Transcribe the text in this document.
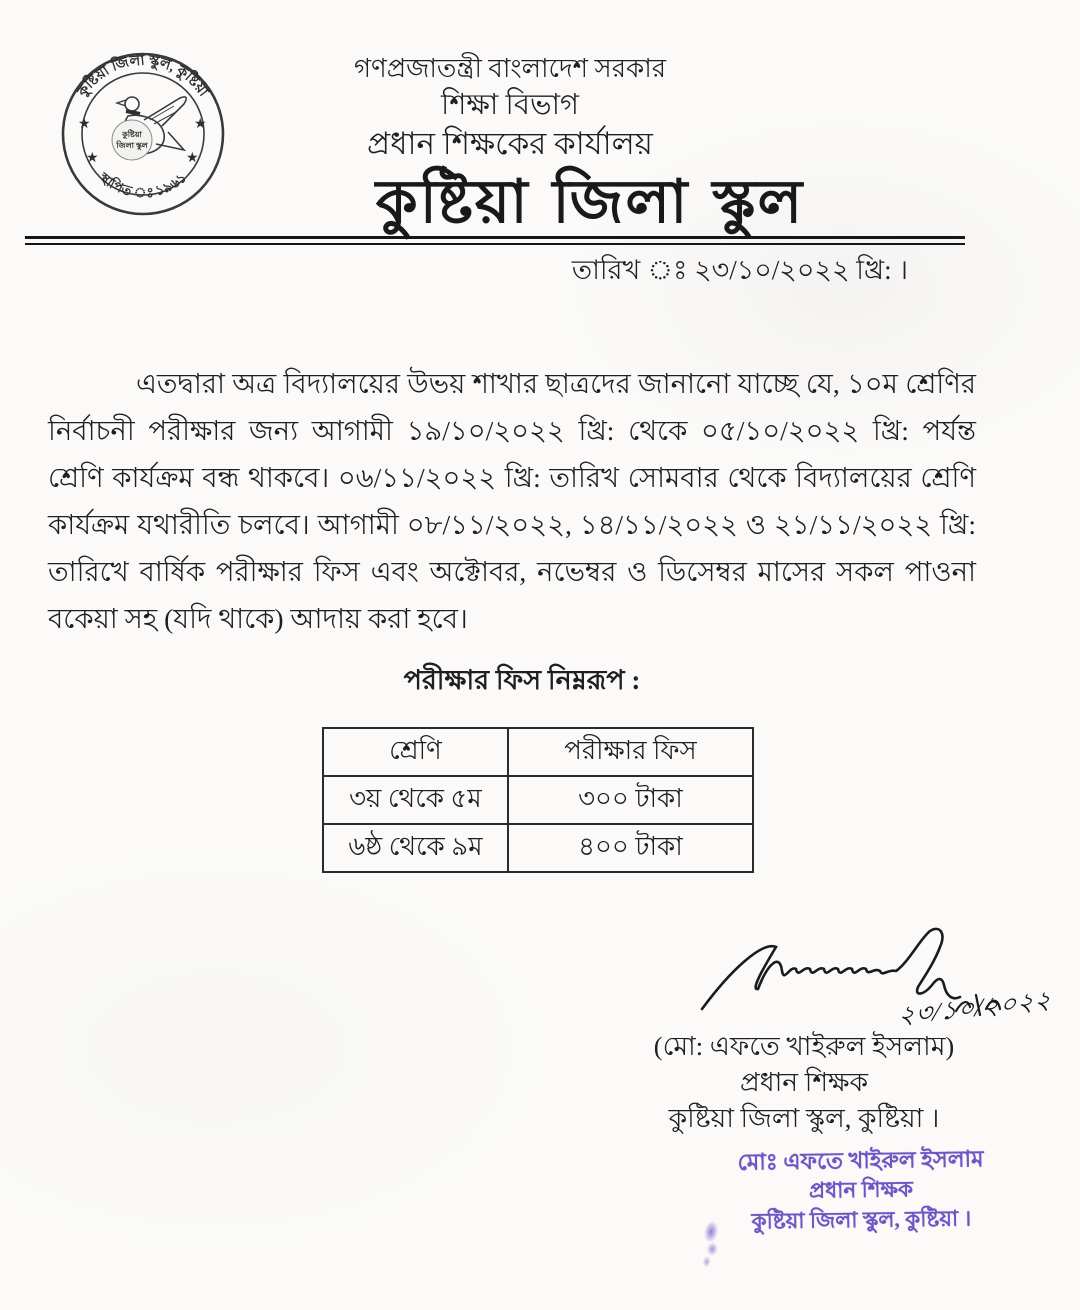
কুষ্টিয়া জিলা স্কুল, কুষ্টিয়া
স্থাপিত ঃ ১৯৬১
★
★
★
★
কুষ্টিয়া
জিলা স্কুল
গণপ্রজাতন্ত্রী বাংলাদেশ সরকার
শিক্ষা বিভাগ
প্রধান শিক্ষকের কার্যালয়
কুষ্টিয়া জিলা স্কুল
তারিখ ঃ ২৩/১০/২০২২ খ্রি: ।
এতদ্বারা অত্র বিদ্যালয়ের উভয় শাখার ছাত্রদের জানানো যাচ্ছে যে, ১০ম শ্রেণির নির্বাচনী পরীক্ষার জন্য আগামী ১৯/১০/২০২২ খ্রি: থেকে ০৫/১০/২০২২ খ্রি: পর্যন্ত শ্রেণি কার্যক্রম বন্ধ থাকবে। ০৬/১১/২০২২ খ্রি: তারিখ সোমবার থেকে বিদ্যালয়ের শ্রেণি কার্যক্রম যথারীতি চলবে। আগামী ০৮/১১/২০২২, ১৪/১১/২০২২ ও ২১/১১/২০২২ খ্রি: তারিখে বার্ষিক পরীক্ষার ফিস এবং অক্টোবর, নভেম্বর ও ডিসেম্বর মাসের সকল পাওনা বকেয়া সহ (যদি থাকে) আদায় করা হবে।
পরীক্ষার ফিস নিম্নরূপ :
শ্রেণি	পরীক্ষার ফিস
৩য় থেকে ৫ম	৩০০ টাকা
৬ষ্ঠ থেকে ৯ম	৪০০ টাকা
২৩/১০/২০২২
(মো: এফতে খাইরুল ইসলাম)
প্রধান শিক্ষক
কুষ্টিয়া জিলা স্কুল, কুষ্টিয়া ।
মোঃ এফতে খাইরুল ইসলাম
প্রধান শিক্ষক
কুষ্টিয়া জিলা স্কুল, কুষ্টিয়া ।
